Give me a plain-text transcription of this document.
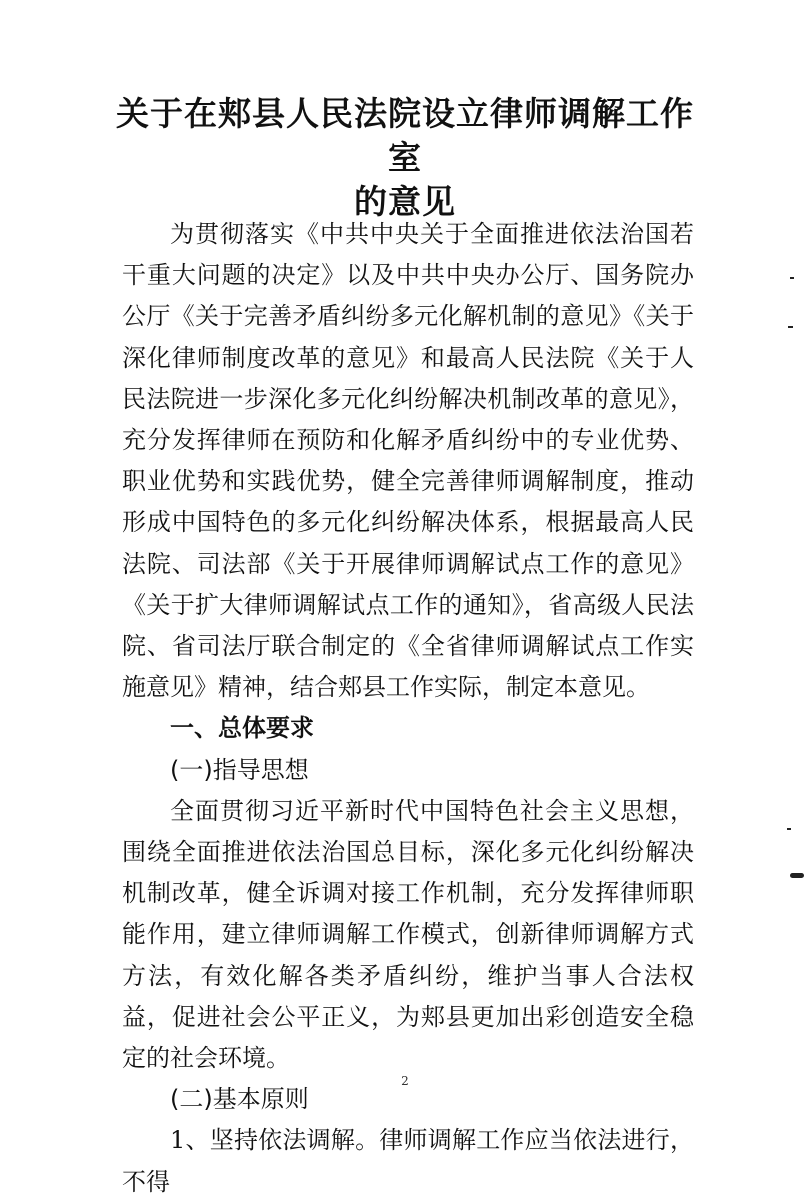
关于在郏县人民法院设立律师调解工作室
的意见

为贯彻落实《中共中央关于全面推进依法治国若干重大问题的决定》以及中共中央办公厅、国务院办公厅《关于完善矛盾纠纷多元化解机制的意见》《关于深化律师制度改革的意见》和最高人民法院《关于人民法院进一步深化多元化纠纷解决机制改革的意见》，充分发挥律师在预防和化解矛盾纠纷中的专业优势、职业优势和实践优势，健全完善律师调解制度，推动形成中国特色的多元化纠纷解决体系，根据最高人民法院、司法部《关于开展律师调解试点工作的意见》《关于扩大律师调解试点工作的通知》，省高级人民法院、省司法厅联合制定的《全省律师调解试点工作实施意见》精神，结合郏县工作实际，制定本意见。

一、总体要求

(一)指导思想

全面贯彻习近平新时代中国特色社会主义思想，围绕全面推进依法治国总目标，深化多元化纠纷解决机制改革，健全诉调对接工作机制，充分发挥律师职能作用，建立律师调解工作模式，创新律师调解方式方法，有效化解各类矛盾纠纷，维护当事人合法权益，促进社会公平正义，为郏县更加出彩创造安全稳定的社会环境。

(二)基本原则

1、坚持依法调解。律师调解工作应当依法进行，不得

2
